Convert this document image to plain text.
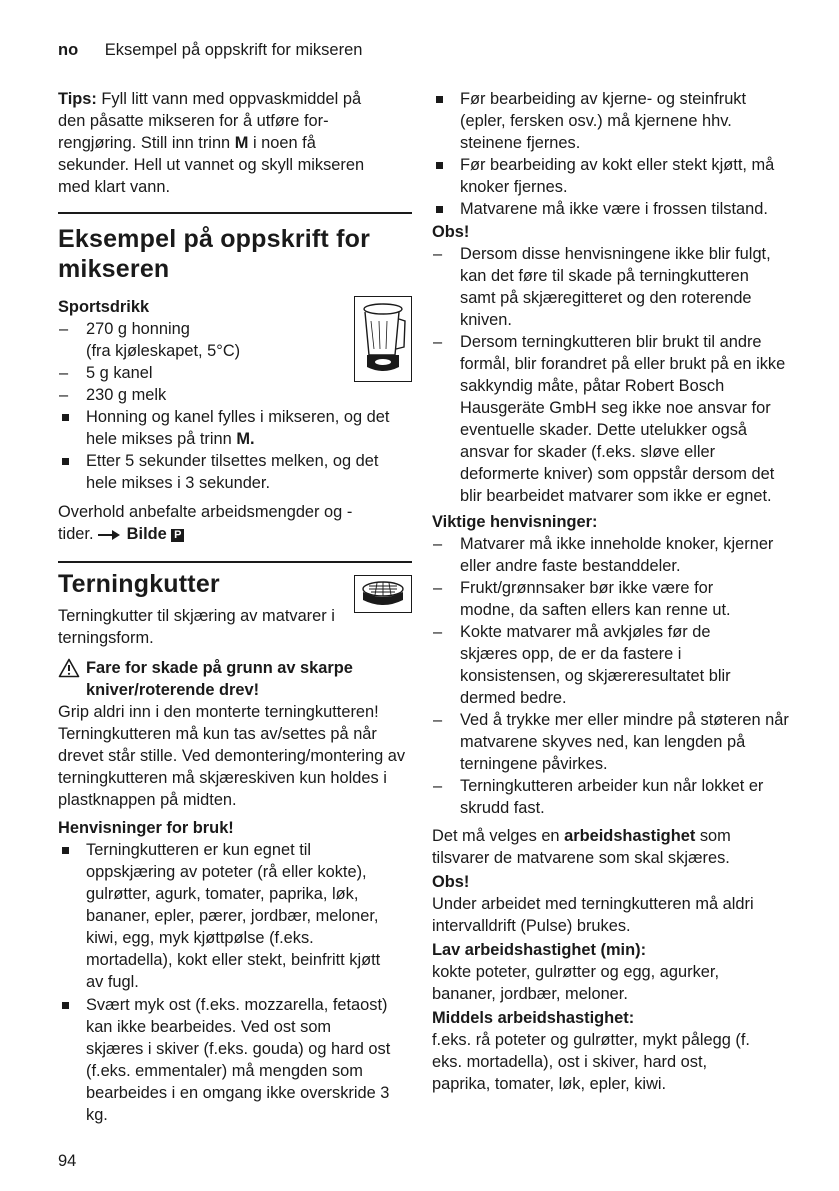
no Eksempel på oppskrift for mikseren

Tips: Fyll litt vann med oppvaskmiddel på den påsatte mikseren for å utføre for-rengjøring. Still inn trinn M i noen få sekunder. Hell ut vannet og skyll mikseren med klart vann.

Eksempel på oppskrift for
mikseren

Sportsdrikk

– 270 g honning
(fra kjøleskapet, 5°C)
– 5 g kanel
– 230 g melk
Honning og kanel fylles i mikseren, og det hele mikses på trinn M.
Etter 5 sekunder tilsettes melken, og det hele mikses i 3 sekunder.

Overhold anbefalte arbeidsmengder og -tider. Bilde P

Terningkutter

Terningkutter til skjæring av matvarer i terningsform.

Fare for skade på grunn av skarpe
kniver/roterende drev!

Grip aldri inn i den monterte terningkutteren! Terningkutteren må kun tas av/settes på når drevet står stille. Ved demontering/montering av terningkutteren må skjæreskiven kun holdes i plastknappen på midten.

Henvisninger for bruk!

Terningkutteren er kun egnet til oppskjæring av poteter (rå eller kokte), gulrøtter, agurk, tomater, paprika, løk, bananer, epler, pærer, jordbær, meloner, kiwi, egg, myk kjøttpølse (f.eks. mortadella), kokt eller stekt, beinfritt kjøtt av fugl.
Svært myk ost (f.eks. mozzarella, fetaost) kan ikke bearbeides. Ved ost som skjæres i skiver (f.eks. gouda) og hard ost (f.eks. emmentaler) må mengden som bearbeides i en omgang ikke overskride 3 kg.
Før bearbeiding av kjerne- og steinfrukt (epler, fersken osv.) må kjernene hhv. steinene fjernes.
Før bearbeiding av kokt eller stekt kjøtt, må knoker fjernes.
Matvarene må ikke være i frossen tilstand.

Obs!

– Dersom disse henvisningene ikke blir fulgt, kan det føre til skade på terningkutteren samt på skjæregitteret og den roterende kniven.
– Dersom terningkutteren blir brukt til andre formål, blir forandret på eller brukt på en ikke sakkyndig måte, påtar Robert Bosch Hausgeräte GmbH seg ikke noe ansvar for eventuelle skader. Dette utelukker også ansvar for skader (f.eks. sløve eller deformerte kniver) som oppstår dersom det blir bearbeidet matvarer som ikke er egnet.

Viktige henvisninger:

– Matvarer må ikke inneholde knoker, kjerner eller andre faste bestanddeler.
– Frukt/grønnsaker bør ikke være for modne, da saften ellers kan renne ut.
– Kokte matvarer må avkjøles før de skjæres opp, de er da fastere i konsistensen, og skjæreresultatet blir dermed bedre.
– Ved å trykke mer eller mindre på støteren når matvarene skyves ned, kan lengden på terningene påvirkes.
– Terningkutteren arbeider kun når lokket er skrudd fast.

Det må velges en arbeidshastighet som tilsvarer de matvarene som skal skjæres.

Obs!

Under arbeidet med terningkutteren må aldri intervalldrift (Pulse) brukes.

Lav arbeidshastighet (min):

kokte poteter, gulrøtter og egg, agurker, bananer, jordbær, meloner.

Middels arbeidshastighet:

f.eks. rå poteter og gulrøtter, mykt pålegg (f. eks. mortadella), ost i skiver, hard ost, paprika, tomater, løk, epler, kiwi.

94
